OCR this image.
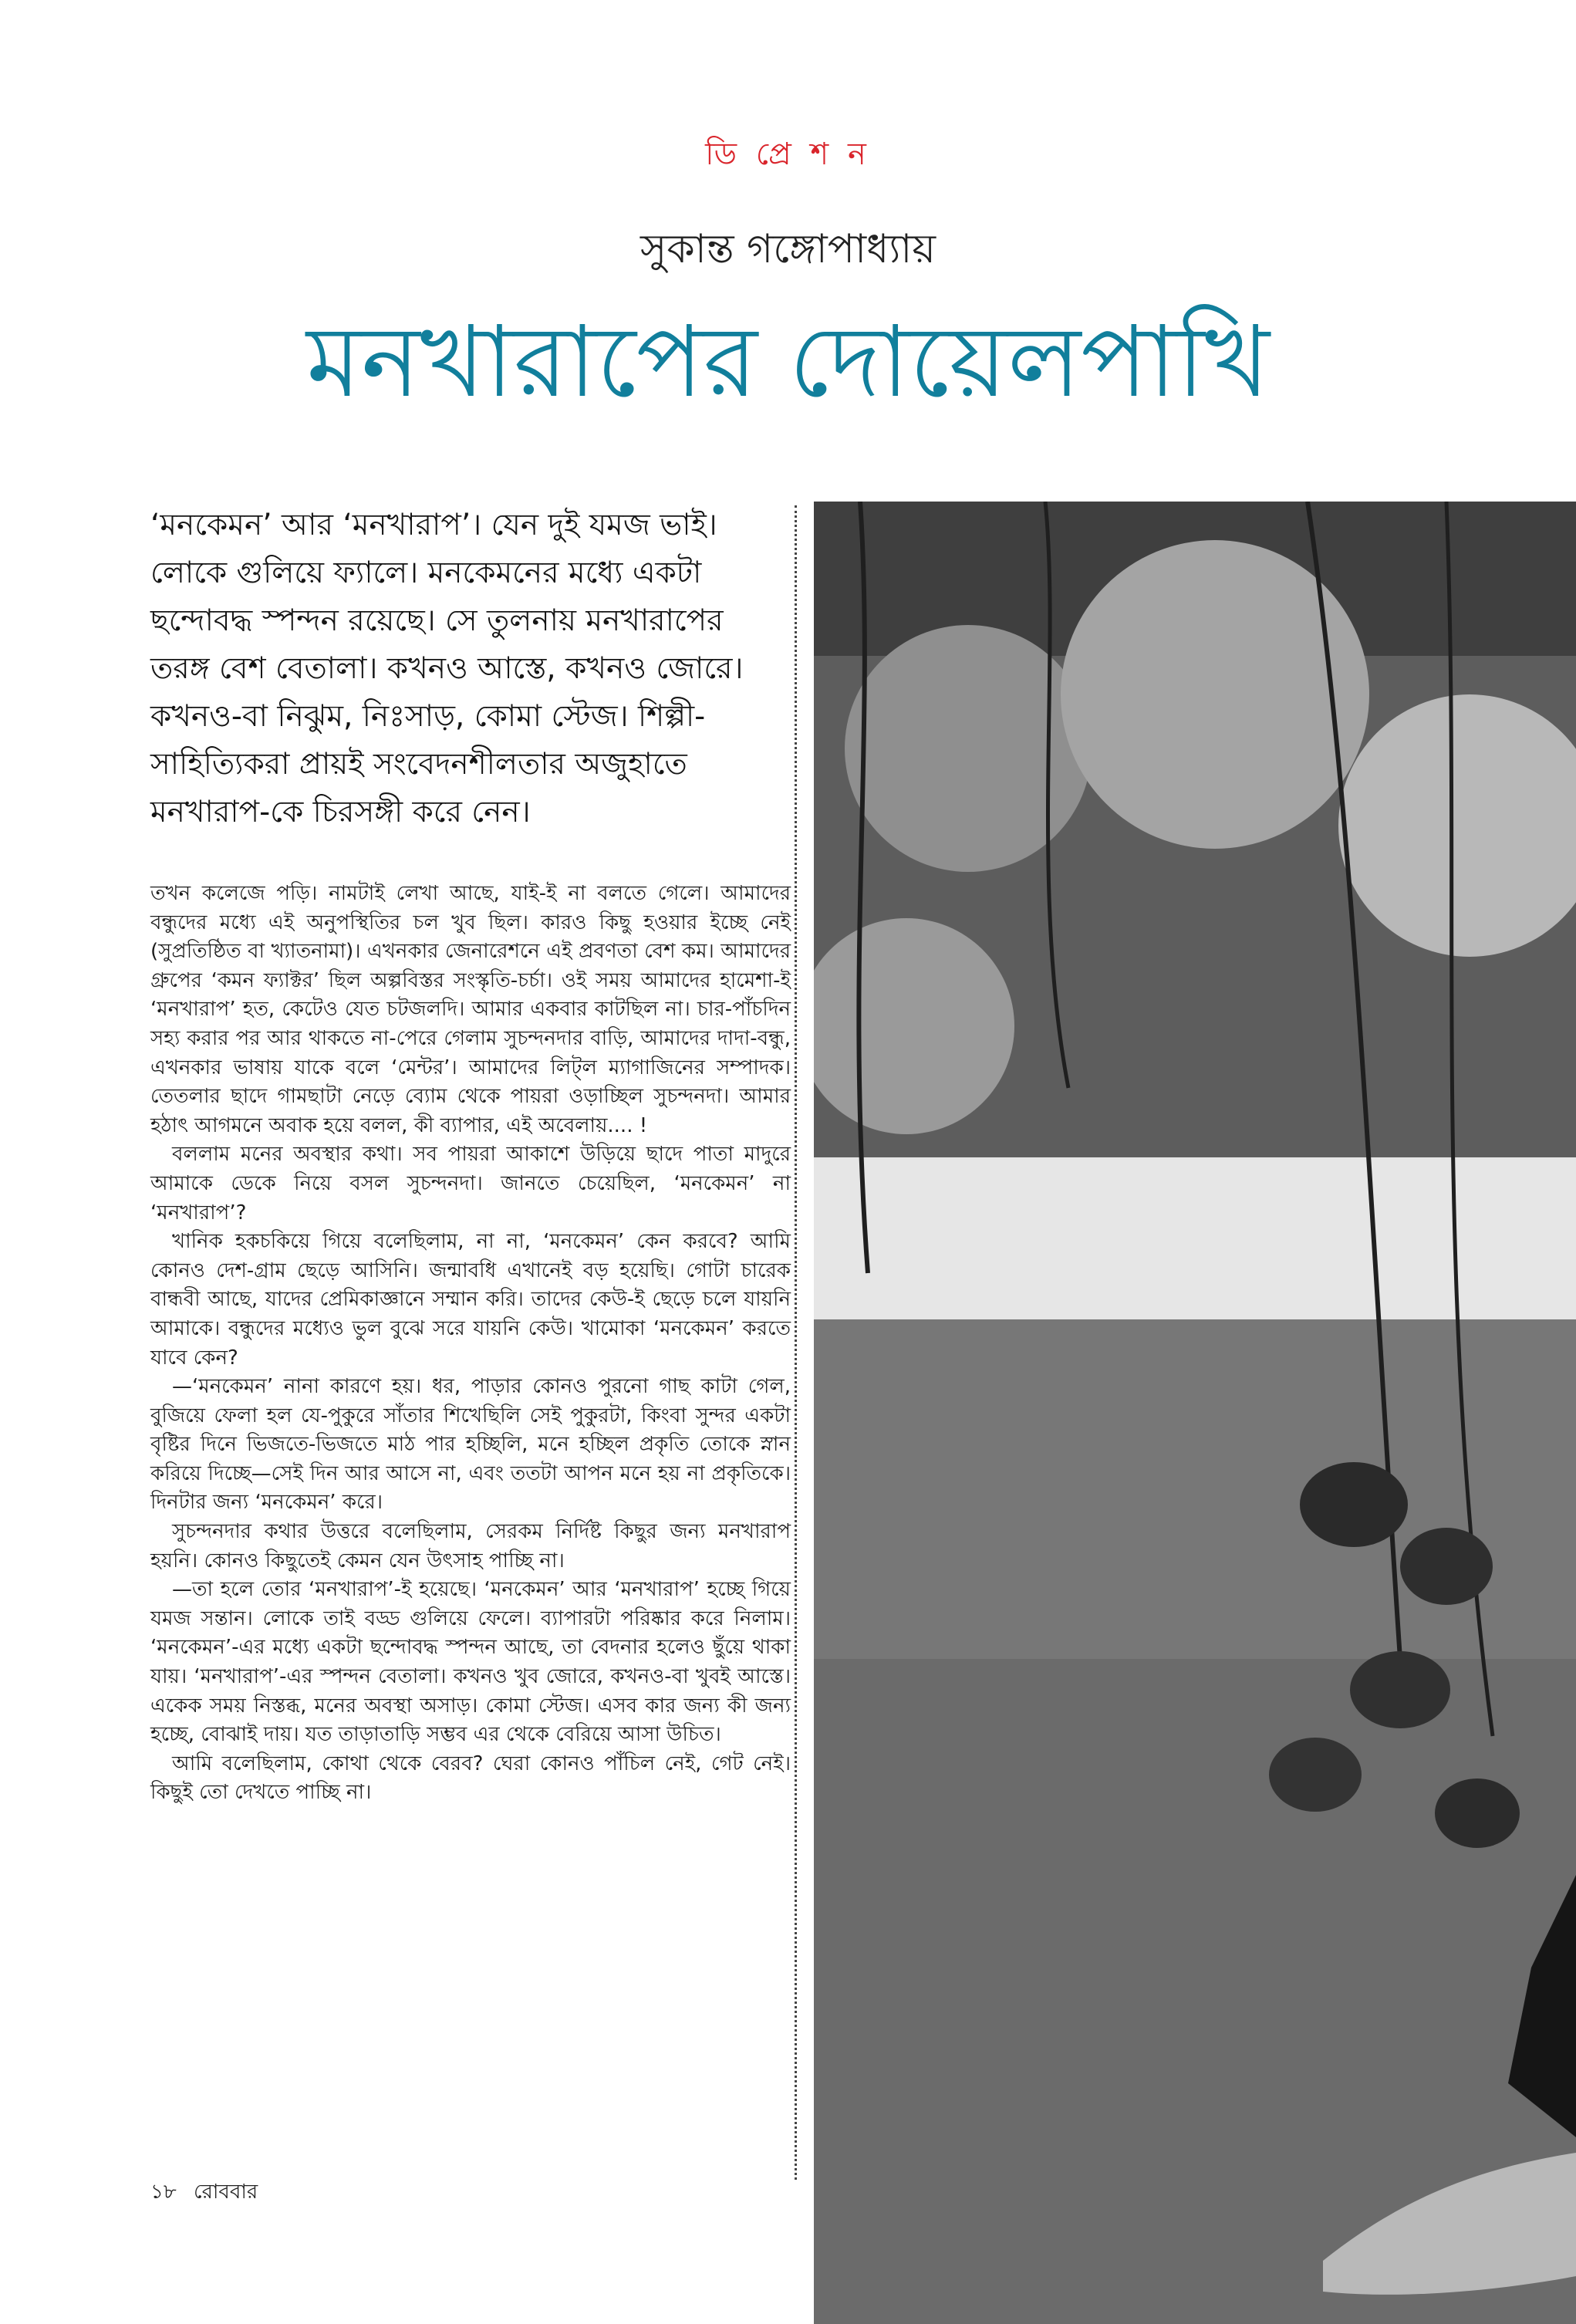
ডি প্রে শ ন
সুকান্ত গঙ্গোপাধ্যায়
মনখারাপের দোয়েলপাখি
‘মনকেমন’ আর ‘মনখারাপ’। যেন দুই যমজ ভাই। লোকে গুলিয়ে ফ্যালে। মনকেমনের মধ্যে একটা ছন্দোবদ্ধ স্পন্দন রয়েছে। সে তুলনায় মনখারাপের তরঙ্গ বেশ বেতালা। কখনও আস্তে, কখনও জোরে। কখনও-বা নিঝুম, নিঃসাড়, কোমা স্টেজ। শিল্পী-সাহিত্যিকরা প্রায়ই সংবেদনশীলতার অজুহাতে মনখারাপ-কে চিরসঙ্গী করে নেন।

তখন কলেজে পড়ি। নামটাই লেখা আছে, যাই-ই না বলতে গেলে। আমাদের বন্ধুদের মধ্যে এই অনুপস্থিতির চল খুব ছিল। কারও কিছু হওয়ার ইচ্ছে নেই (সুপ্রতিষ্ঠিত বা খ্যাতনামা)। এখনকার জেনারেশনে এই প্রবণতা বেশ কম। আমাদের গ্রুপের ‘কমন ফ্যাক্টর’ ছিল অল্পবিস্তর সংস্কৃতি-চর্চা। ওই সময় আমাদের হামেশা-ই ‘মনখারাপ’ হত, কেটেও যেত চটজলদি। আমার একবার কাটছিল না। চার-পাঁচদিন সহ্য করার পর আর থাকতে না-পেরে গেলাম সুচন্দনদার বাড়ি, আমাদের দাদা-বন্ধু, এখনকার ভাষায় যাকে বলে ‘মেন্টর’। আমাদের লিট্‌ল ম্যাগাজিনের সম্পাদক। তেতলার ছাদে গামছাটা নেড়ে ব্যোম থেকে পায়রা ওড়াচ্ছিল সুচন্দনদা। আমার হঠাৎ আগমনে অবাক হয়ে বলল, কী ব্যাপার, এই অবেলায়.... !

বললাম মনের অবস্থার কথা। সব পায়রা আকাশে উড়িয়ে ছাদে পাতা মাদুরে আমাকে ডেকে নিয়ে বসল সুচন্দনদা। জানতে চেয়েছিল, ‘মনকেমন’ না ‘মনখারাপ’?

খানিক হকচকিয়ে গিয়ে বলেছিলাম, না না, ‘মনকেমন’ কেন করবে? আমি কোনও দেশ-গ্রাম ছেড়ে আসিনি। জন্মাবধি এখানেই বড় হয়েছি। গোটা চারেক বান্ধবী আছে, যাদের প্রেমিকাজ্ঞানে সম্মান করি। তাদের কেউ-ই ছেড়ে চলে যায়নি আমাকে। বন্ধুদের মধ্যেও ভুল বুঝে সরে যায়নি কেউ। খামোকা ‘মনকেমন’ করতে যাবে কেন?

—‘মনকেমন’ নানা কারণে হয়। ধর, পাড়ার কোনও পুরনো গাছ কাটা গেল, বুজিয়ে ফেলা হল যে-পুকুরে সাঁতার শিখেছিলি সেই পুকুরটা, কিংবা সুন্দর একটা বৃষ্টির দিনে ভিজতে-ভিজতে মাঠ পার হচ্ছিলি, মনে হচ্ছিল প্রকৃতি তোকে স্নান করিয়ে দিচ্ছে—সেই দিন আর আসে না, এবং ততটা আপন মনে হয় না প্রকৃতিকে। দিনটার জন্য ‘মনকেমন’ করে।

সুচন্দনদার কথার উত্তরে বলেছিলাম, সেরকম নির্দিষ্ট কিছুর জন্য মনখারাপ হয়নি। কোনও কিছুতেই কেমন যেন উৎসাহ পাচ্ছি না।

—তা হলে তোর ‘মনখারাপ’-ই হয়েছে। ‘মনকেমন’ আর ‘মনখারাপ’ হচ্ছে গিয়ে যমজ সন্তান। লোকে তাই বড্ড গুলিয়ে ফেলে। ব্যাপারটা পরিষ্কার করে নিলাম। ‘মনকেমন’-এর মধ্যে একটা ছন্দোবদ্ধ স্পন্দন আছে, তা বেদনার হলেও ছুঁয়ে থাকা যায়। ‘মনখারাপ’-এর স্পন্দন বেতালা। কখনও খুব জোরে, কখনও-বা খুবই আস্তে। একেক সময় নিস্তব্ধ, মনের অবস্থা অসাড়। কোমা স্টেজ। এসব কার জন্য কী জন্য হচ্ছে, বোঝাই দায়। যত তাড়াতাড়ি সম্ভব এর থেকে বেরিয়ে আসা উচিত।

আমি বলেছিলাম, কোথা থেকে বেরব? ঘেরা কোনও পাঁচিল নেই, গেট নেই। কিছুই তো দেখতে পাচ্ছি না।

১৮ রোববার
